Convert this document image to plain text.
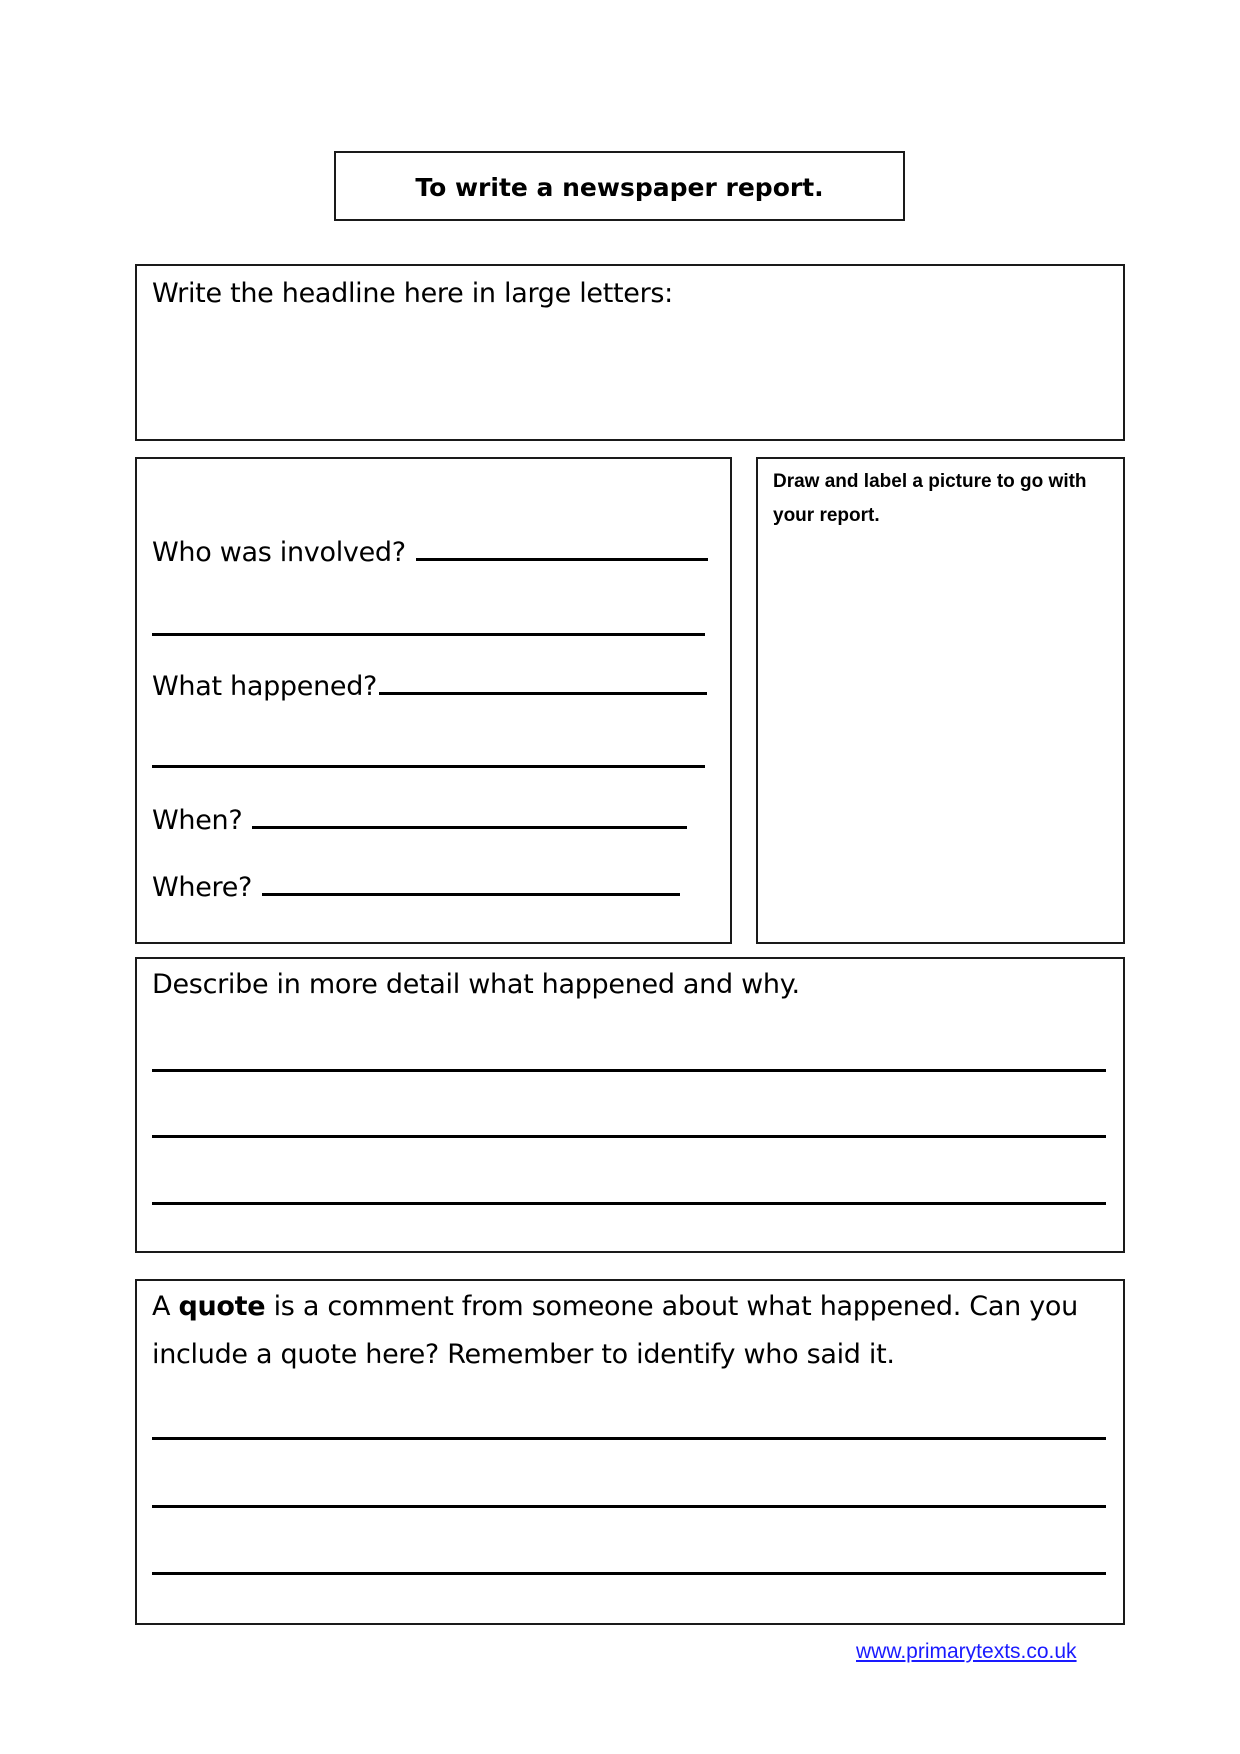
To write a newspaper report.
Write the headline here in large letters:
Who was involved?
What happened?
When?
Where?
Draw and label a picture to go with your report.
Describe in more detail what happened and why.
A quote is a comment from someone about what happened. Can you
include a quote here? Remember to identify who said it.
www.primarytexts.co.uk
